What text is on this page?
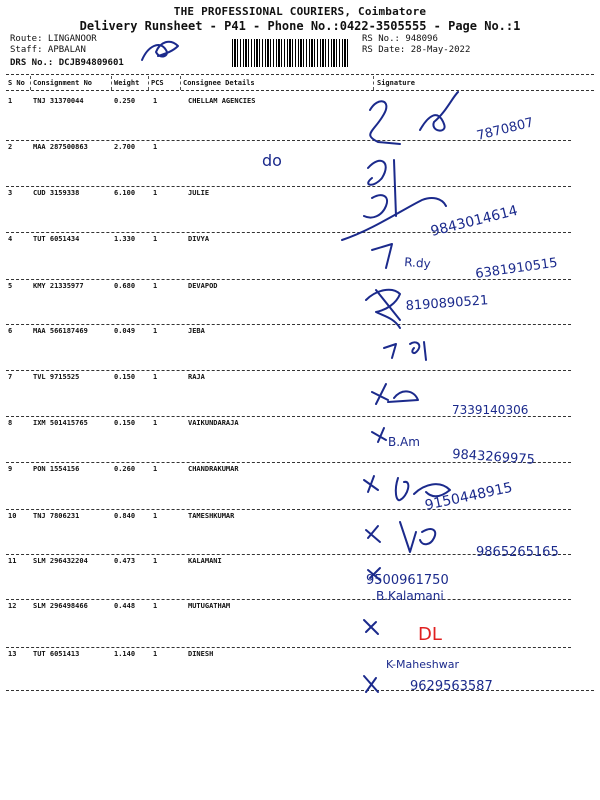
THE PROFESSIONAL COURIERS, Coimbatore
Delivery Runsheet - P41 - Phone No.:0422-3505555 - Page No.:1
Route: LINGANOOR
Staff: APBALAN
DRS No.: DCJB94809601
RS No.: 948096
RS Date: 28-May-2022
S No Consignment No	Weight PCS	Consignee Details	Signature
1	TNJ 31370044	0.250	1	CHELLAM AGENCIES
2	MAA 287500863	2.700	1
3	CUD 3159338	6.100	1	JULIE
4	TUT 6051434	1.330	1	DIVYA
5	KMY 21335977	0.680	1	DEVAPOD
6	MAA 566187469	0.049	1	JEBA
7	TVL 9715525	0.150	1	RAJA
8	IXM 501415765	0.150	1	VAIKUNDARAJA
9	PON 1554156	0.260	1	CHANDRAKUMAR
10 TNJ 7806231	0.840	1	TAMESHKUMAR
11 SLM 296432204	0.473	1	KALAMANI
12 SLM 296498466	0.448	1	MUTUGATHAM
13 TUT 6051413	1.140	1	DINESH
7870807
do
9843014614
R.dy	6381910515
8190890521
7339140306
B.Am
9843269975
9150448915
9865265165
9500961750
B.Kalamani
DL
K-Maheshwar
9629563587
